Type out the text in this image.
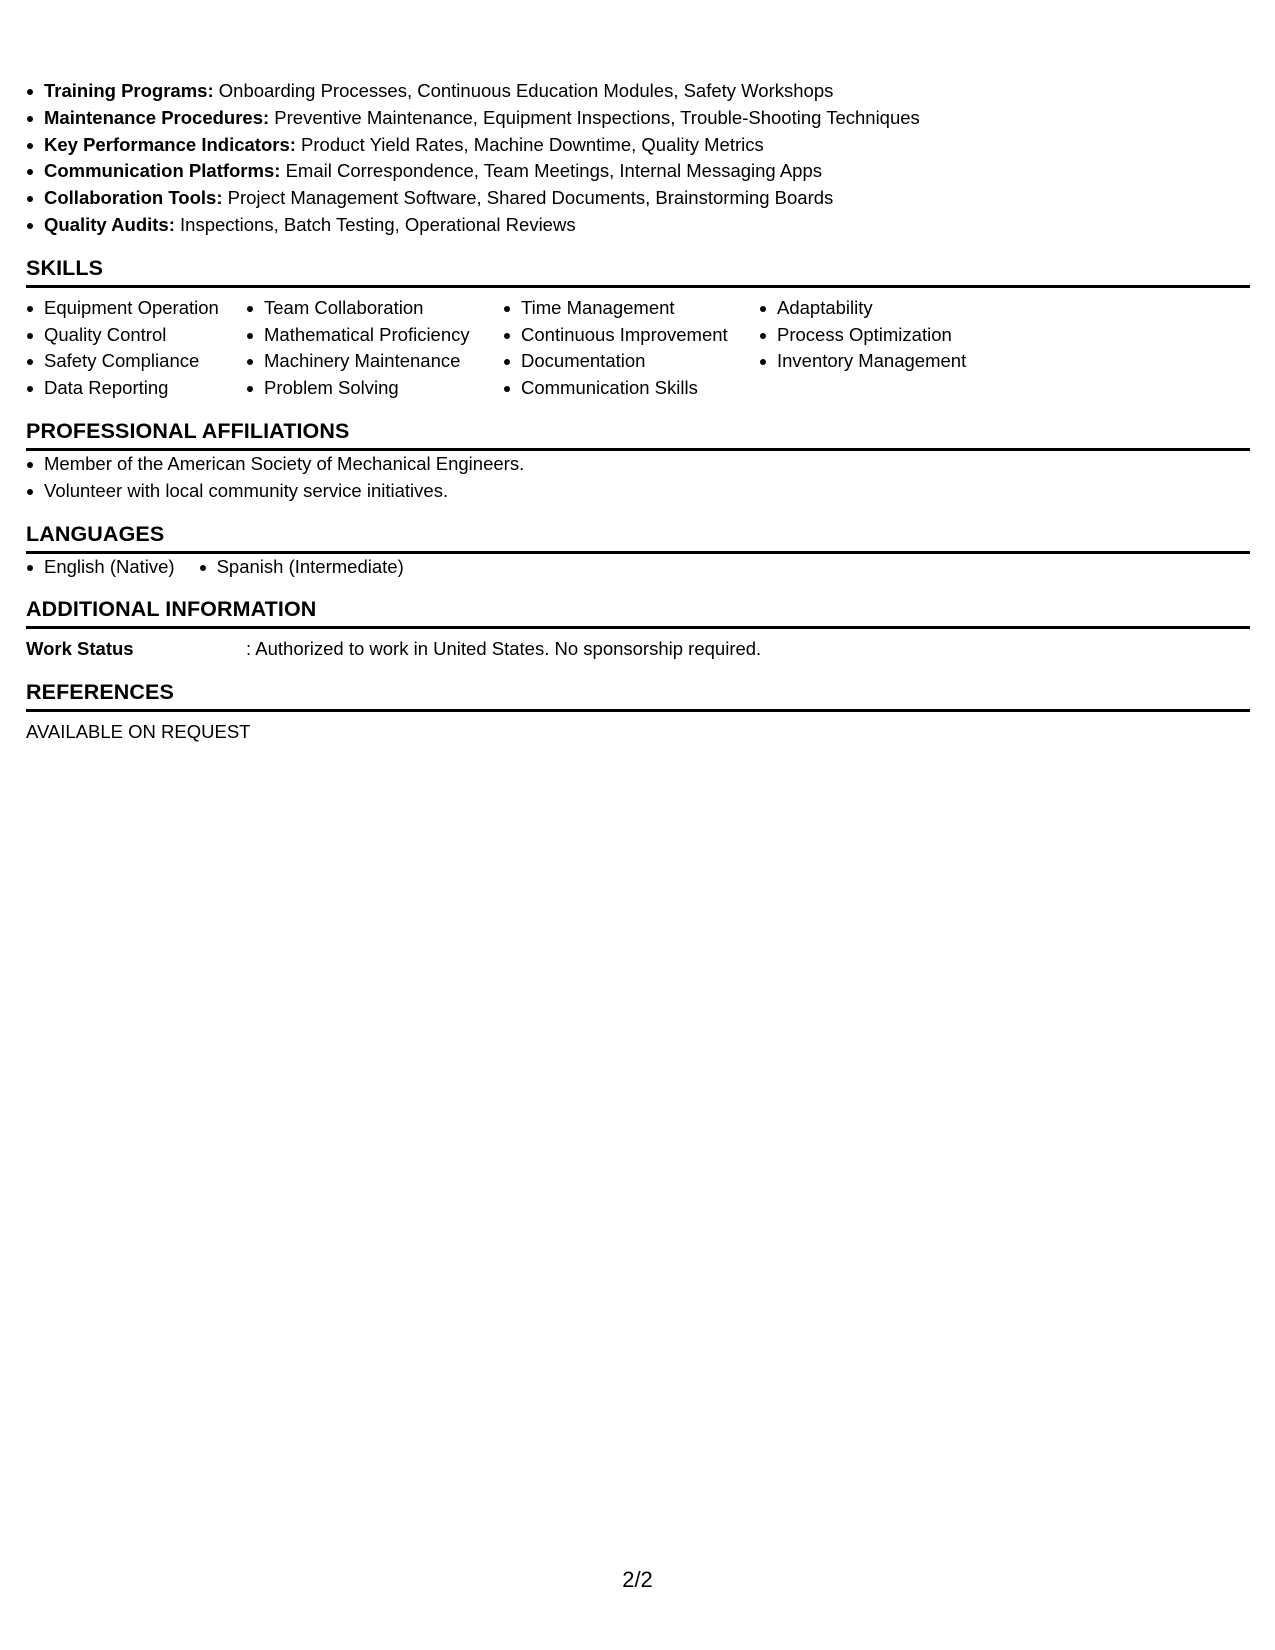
Training Programs: Onboarding Processes, Continuous Education Modules, Safety Workshops
Maintenance Procedures: Preventive Maintenance, Equipment Inspections, Trouble-Shooting Techniques
Key Performance Indicators: Product Yield Rates, Machine Downtime, Quality Metrics
Communication Platforms: Email Correspondence, Team Meetings, Internal Messaging Apps
Collaboration Tools: Project Management Software, Shared Documents, Brainstorming Boards
Quality Audits: Inspections, Batch Testing, Operational Reviews
SKILLS
Equipment Operation
Quality Control
Safety Compliance
Data Reporting
Team Collaboration
Mathematical Proficiency
Machinery Maintenance
Problem Solving
Time Management
Continuous Improvement
Documentation
Communication Skills
Adaptability
Process Optimization
Inventory Management
PROFESSIONAL AFFILIATIONS
Member of the American Society of Mechanical Engineers.
Volunteer with local community service initiatives.
LANGUAGES
English (Native)	Spanish (Intermediate)
ADDITIONAL INFORMATION
Work Status	: Authorized to work in United States. No sponsorship required.
REFERENCES
AVAILABLE ON REQUEST
2/2
